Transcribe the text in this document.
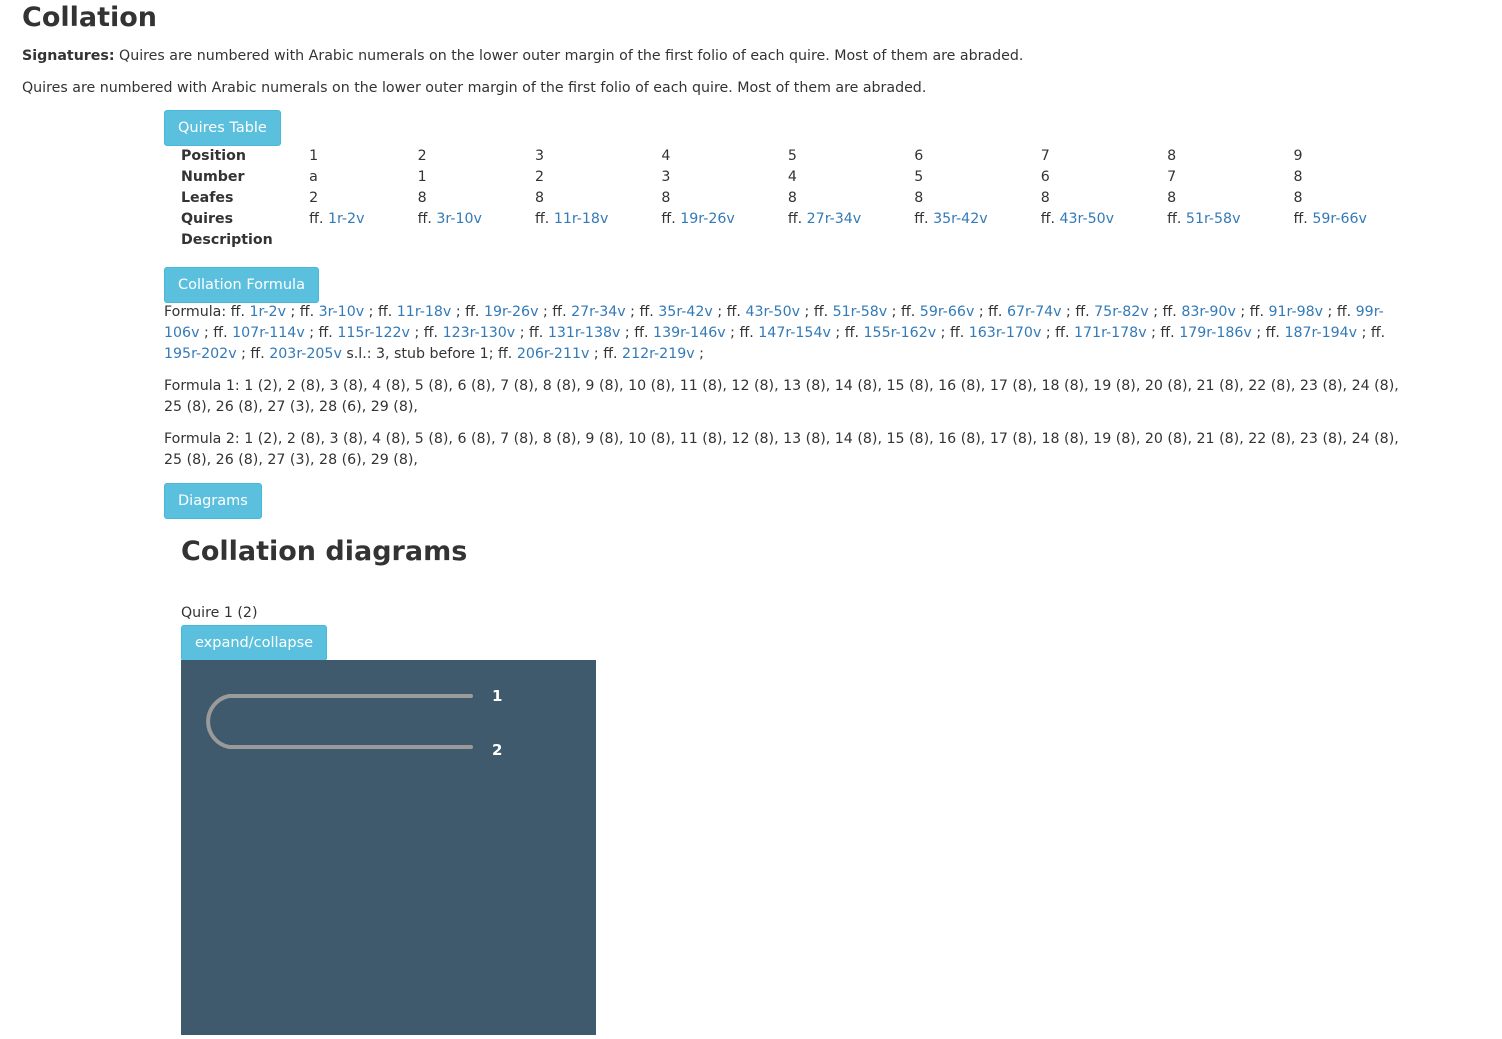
Collation

Signatures: Quires are numbered with Arabic numerals on the lower outer margin of the first folio of each quire. Most of them are abraded.

Quires are numbered with Arabic numerals on the lower outer margin of the first folio of each quire. Most of them are abraded.

Quires Table
Position	1	2	3	4	5	6	7	8	9
Number	a	1	2	3	4	5	6	7	8
Leafes	2	8	8	8	8	8	8	8	8
Quires	ff. 1r-2v	ff. 3r-10v	ff. 11r-18v	ff. 19r-26v	ff. 27r-34v	ff. 35r-42v	ff. 43r-50v	ff. 51r-58v	ff. 59r-66v
Description									
Collation Formula

Formula: ff. 1r-2v ; ff. 3r-10v ; ff. 11r-18v ; ff. 19r-26v ; ff. 27r-34v ; ff. 35r-42v ; ff. 43r-50v ; ff. 51r-58v ; ff. 59r-66v ; ff. 67r-74v ; ff. 75r-82v ; ff. 83r-90v ; ff. 91r-98v ; ff. 99r-106v ; ff. 107r-114v ; ff. 115r-122v ; ff. 123r-130v ; ff. 131r-138v ; ff. 139r-146v ; ff. 147r-154v ; ff. 155r-162v ; ff. 163r-170v ; ff. 171r-178v ; ff. 179r-186v ; ff. 187r-194v ; ff. 195r-202v ; ff. 203r-205v s.l.: 3, stub before 1; ff. 206r-211v ; ff. 212r-219v ;

Formula 1: 1 (2), 2 (8), 3 (8), 4 (8), 5 (8), 6 (8), 7 (8), 8 (8), 9 (8), 10 (8), 11 (8), 12 (8), 13 (8), 14 (8), 15 (8), 16 (8), 17 (8), 18 (8), 19 (8), 20 (8), 21 (8), 22 (8), 23 (8), 24 (8), 25 (8), 26 (8), 27 (3), 28 (6), 29 (8),

Formula 2: 1 (2), 2 (8), 3 (8), 4 (8), 5 (8), 6 (8), 7 (8), 8 (8), 9 (8), 10 (8), 11 (8), 12 (8), 13 (8), 14 (8), 15 (8), 16 (8), 17 (8), 18 (8), 19 (8), 20 (8), 21 (8), 22 (8), 23 (8), 24 (8), 25 (8), 26 (8), 27 (3), 28 (6), 29 (8),

Diagrams
Collation diagrams

Quire 1 (2)

expand/collapse
1
2
